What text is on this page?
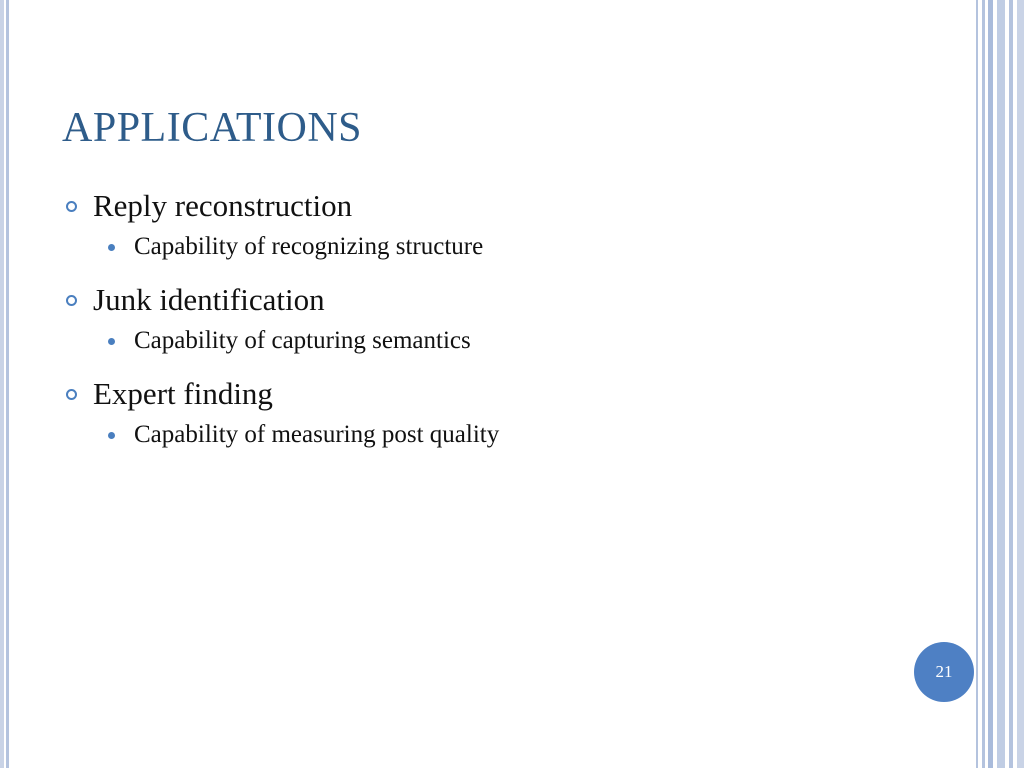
APPLICATIONS
Reply reconstruction
Capability of recognizing structure
Junk identification
Capability of capturing semantics
Expert finding
Capability of measuring post quality
21
